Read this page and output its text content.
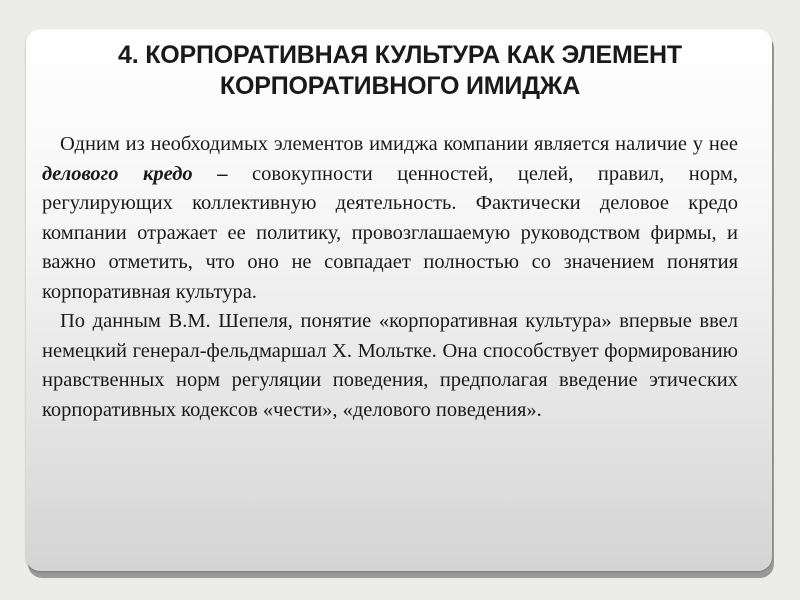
4. КОРПОРАТИВНАЯ КУЛЬТУРА КАК ЭЛЕМЕНТ
КОРПОРАТИВНОГО ИМИДЖА

Одним из необходимых элементов имиджа компании является наличие у нее делового кредо – совокупности ценностей, целей, правил, норм, регулирующих коллективную деятельность. Фактически деловое кредо компании отражает ее политику, провозглашаемую руководством фирмы, и важно отметить, что оно не совпадает полностью со значением понятия корпоративная культура.

По данным В.М. Шепеля, понятие «корпоративная культура» впервые ввел немецкий генерал-фельдмаршал Х. Мольтке. Она способствует формированию нравственных норм регуляции поведения, предполагая введение этических корпоративных кодексов «чести», «делового поведения».
